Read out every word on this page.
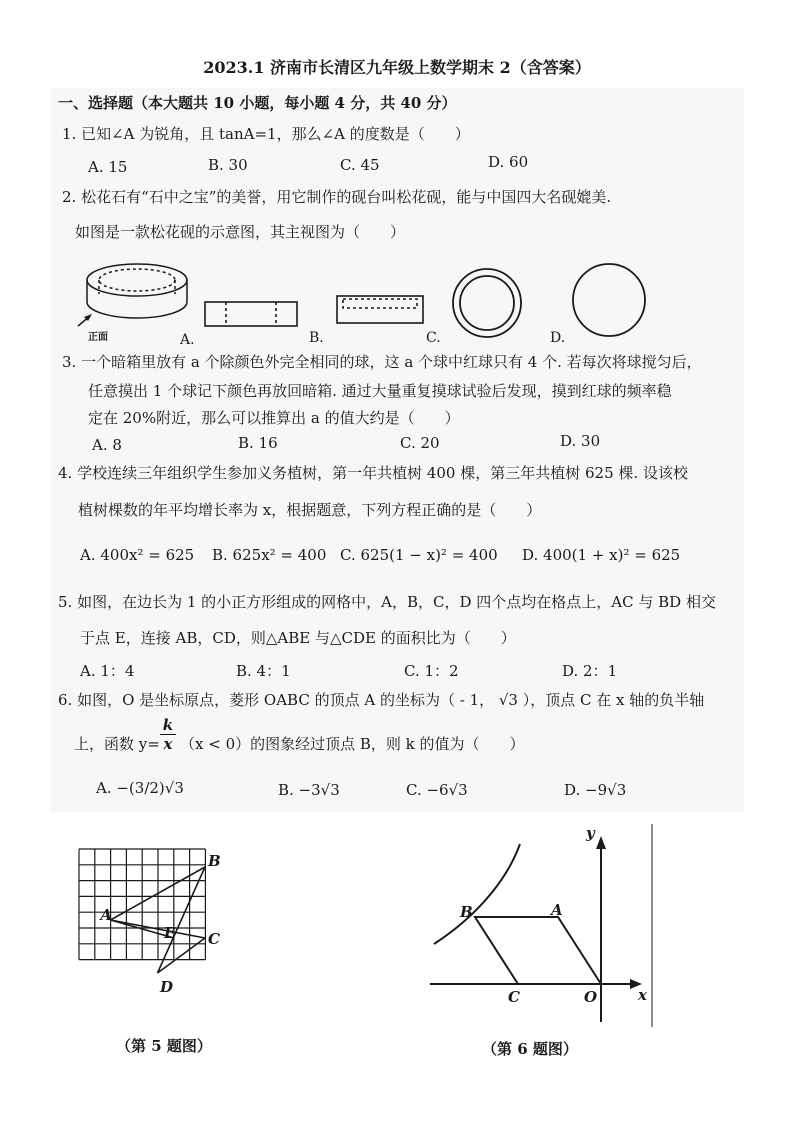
2023.1 济南市长清区九年级上数学期末 2（含答案）
一、选择题（本大题共 10 小题，每小题 4 分，共 40 分）
1. 已知∠A 为锐角，且 tanA=1，那么∠A 的度数是（　　）
A. 15	B. 30	C. 45	D. 60
2. 松花石有“石中之宝”的美誉，用它制作的砚台叫松花砚，能与中国四大名砚媲美.
如图是一款松花砚的示意图，其主视图为（　　）
正面	A.	B.	C.	D.
3. 一个暗箱里放有 a 个除颜色外完全相同的球，这 a 个球中红球只有 4 个. 若每次将球搅匀后，
任意摸出 1 个球记下颜色再放回暗箱. 通过大量重复摸球试验后发现，摸到红球的频率稳
定在 20%附近，那么可以推算出 a 的值大约是（　　）
A. 8	B. 16	C. 20	D. 30
4. 学校连续三年组织学生参加义务植树，第一年共植树 400 棵，第三年共植树 625 棵. 设该校
植树棵数的年平均增长率为 x，根据题意，下列方程正确的是（　　）
A. 400x² = 625 B. 625x² = 400 C. 625(1 − x)² = 400 D. 400(1 + x)² = 625
5. 如图，在边长为 1 的小正方形组成的网格中，A，B，C，D 四个点均在格点上，AC 与 BD 相交
于点 E，连接 AB，CD，则△ABE 与△CDE 的面积比为（　　）
A. 1：4	B. 4：1	C. 1：2	D. 2：1
6. 如图，O 是坐标原点，菱形 OABC 的顶点 A 的坐标为（ - 1， √3 ），顶点 C 在 x 轴的负半轴
上，函数 $y= \frac{k}{x} (x < 0)$的图象经过顶点 B，则 k 的值为（　　）
A. −(3/2)√3	B. −3√3	C. −6√3	D. −9√3
A
B
C
D
E
（第 5 题图）
B	A
C	O	x
y
（第 6 题图）
